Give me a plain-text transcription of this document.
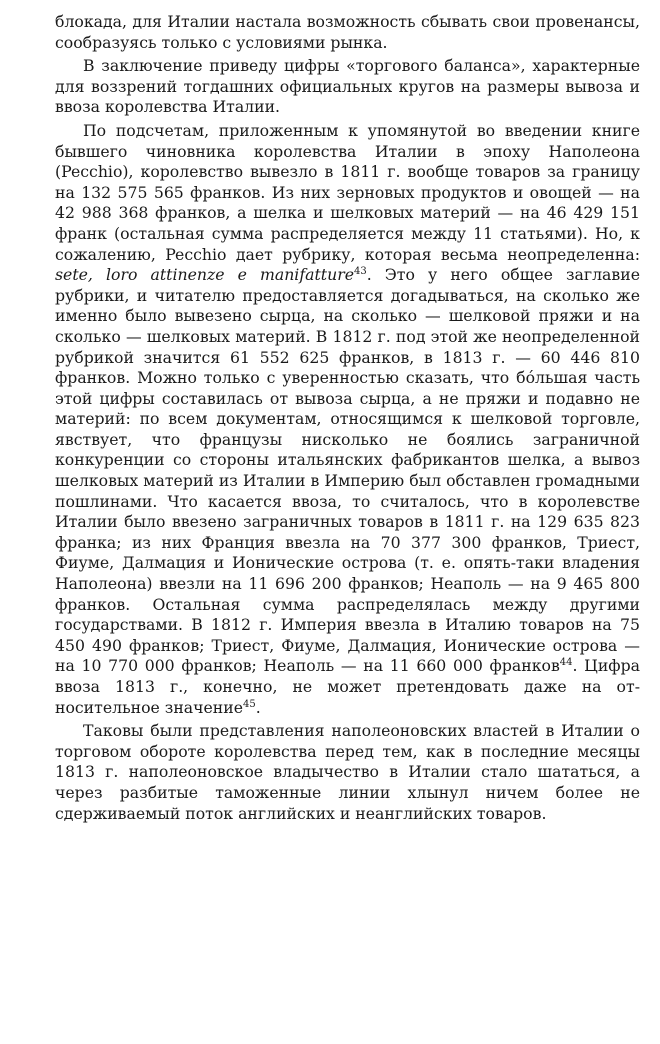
блокада, для Италии настала возможность сбывать свои провенансы, сообразуясь только с условиями рынка.

В заключение приведу цифры «торгового баланса», характерные для воззрений тогдашних официальных кругов на размеры вывоза и ввоза королевства Италии.

По подсчетам, приложенным к упомянутой во введении книге бывшего чиновника королевства Италии в эпоху Наполеона (Pecchio), королевство вывезло в 1811 г. вообще товаров за границу на 132 575 565 франков. Из них зерновых продуктов и овощей — на 42 988 368 франков, а шелка и шелковых материй — на 46 429 151 франк (остальная сумма распределяется между 11 статьями). Но, к сожалению, Pecchio дает рубрику, которая весьма неопределенна: sete, loro attinenze e manifatture$^{43}$. Это у него общее заглавие рубрики, и читателю предоставляется догадываться, на сколько же именно было вывезено сырца, на сколько — шелковой пряжи и на сколько — шелковых материй. В 1812 г. под этой же неопределенной рубрикой значится 61 552 625 франков, в 1813 г. — 60 446 810 франков. Можно только с уверенностью сказать, что бóльшая часть этой цифры составилась от вывоза сырца, а не пряжи и подавно не материй: по всем документам, относящимся к шелковой торговле, явствует, что французы нисколько не боялись заграничной конкуренции со стороны итальянских фабрикантов шелка, а вывоз шелковых материй из Италии в Империю был обставлен громадными пошлинами. Что касается ввоза, то считалось, что в королевстве Италии было ввезено заграничных товаров в 1811 г. на 129 635 823 франка; из них Франция ввезла на 70 377 300 франков, Триест, Фиуме, Далмация и Ионические острова (т. е. опять-таки владения Наполеона) ввезли на 11 696 200 франков; Неаполь — на 9 465 800 франков. Остальная сумма распределялась между другими государствами. В 1812 г. Империя ввезла в Италию товаров на 75 450 490 франков; Триест, Фиуме, Далмация, Ионические острова — на 10 770 000 франков; Неаполь — на 11 660 000 франков$^{44}$. Цифра ввоза 1813 г., конечно, не может претендовать даже на относительное значение$^{45}$.

Таковы были представления наполеоновских властей в Италии о торговом обороте королевства перед тем, как в последние месяцы 1813 г. наполеоновское владычество в Италии стало шататься, а через разбитые таможенные линии хлынул ничем более не сдерживаемый поток английских и неанглийских товаров.
